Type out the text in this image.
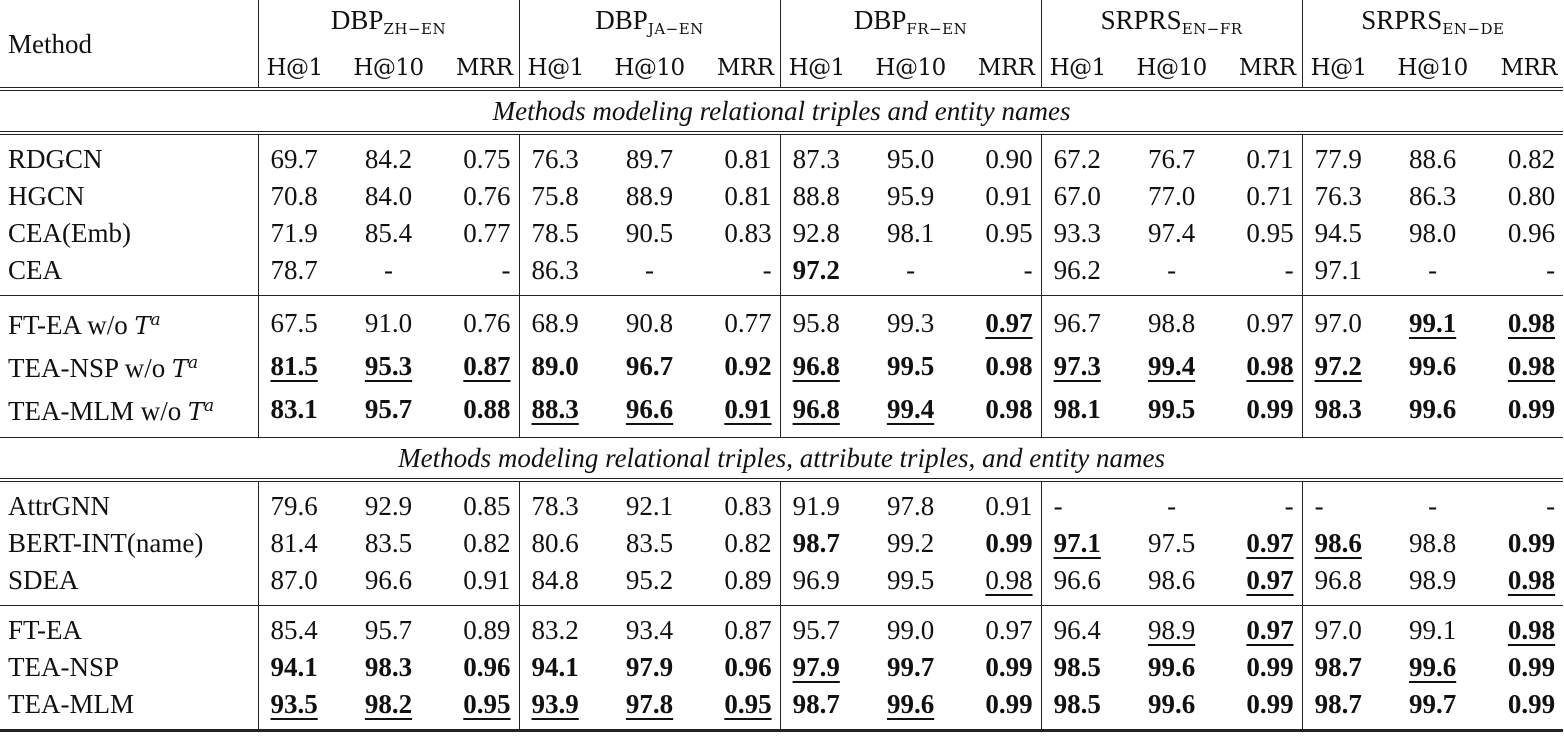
Method	$DBP_{ZH-EN}$			$DBP_{JA-EN}$			$DBP_{FR-EN}$			$SRPRS_{EN-FR}$			$SRPRS_{EN-DE}$
	H@1	H@10	MRR	H@1	H@10	MRR	H@1	H@10	MRR	H@1	H@10	MRR	H@1	H@10	MRR
Methods modeling relational triples and entity names															

RDGCN	69.7	84.2	0.75	76.3	89.7	0.81	87.3	95.0	0.90	67.2	76.7	0.71	77.9	88.6	0.82
HGCN	70.8	84.0	0.76	75.8	88.9	0.81	88.8	95.9	0.91	67.0	77.0	0.71	76.3	86.3	0.80
CEA(Emb)	71.9	85.4	0.77	78.5	90.5	0.83	92.8	98.1	0.95	93.3	97.4	0.95	94.5	98.0	0.96
CEA	78.7	-	-	86.3	-	-	97.2	-	-	96.2	-	-	97.1	-	-

FT-EA w/o $T^a$	67.5	91.0	0.76	68.9	90.8	0.77	95.8	99.3	0.97	96.7	98.8	0.97	97.0	99.1	0.98
TEA-NSP w/o $T^a$	81.5	95.3	0.87	89.0	96.7	0.92	96.8	99.5	0.98	97.3	99.4	0.98	97.2	99.6	0.98
TEA-MLM w/o $T^a$	83.1	95.7	0.88	88.3	96.6	0.91	96.8	99.4	0.98	98.1	99.5	0.99	98.3	99.6	0.99

Methods modeling relational triples, attribute triples, and entity names															

AttrGNN	79.6	92.9	0.85	78.3	92.1	0.83	91.9	97.8	0.91	-	-	-	-	-	-
BERT-INT(name)	81.4	83.5	0.82	80.6	83.5	0.82	98.7	99.2	0.99	97.1	97.5	0.97	98.6	98.8	0.99
SDEA	87.0	96.6	0.91	84.8	95.2	0.89	96.9	99.5	0.98	96.6	98.6	0.97	96.8	98.9	0.98

FT-EA	85.4	95.7	0.89	83.2	93.4	0.87	95.7	99.0	0.97	96.4	98.9	0.97	97.0	99.1	0.98
TEA-NSP	94.1	98.3	0.96	94.1	97.9	0.96	97.9	99.7	0.99	98.5	99.6	0.99	98.7	99.6	0.99
TEA-MLM	93.5	98.2	0.95	93.9	97.8	0.95	98.7	99.6	0.99	98.5	99.6	0.99	98.7	99.7	0.99
